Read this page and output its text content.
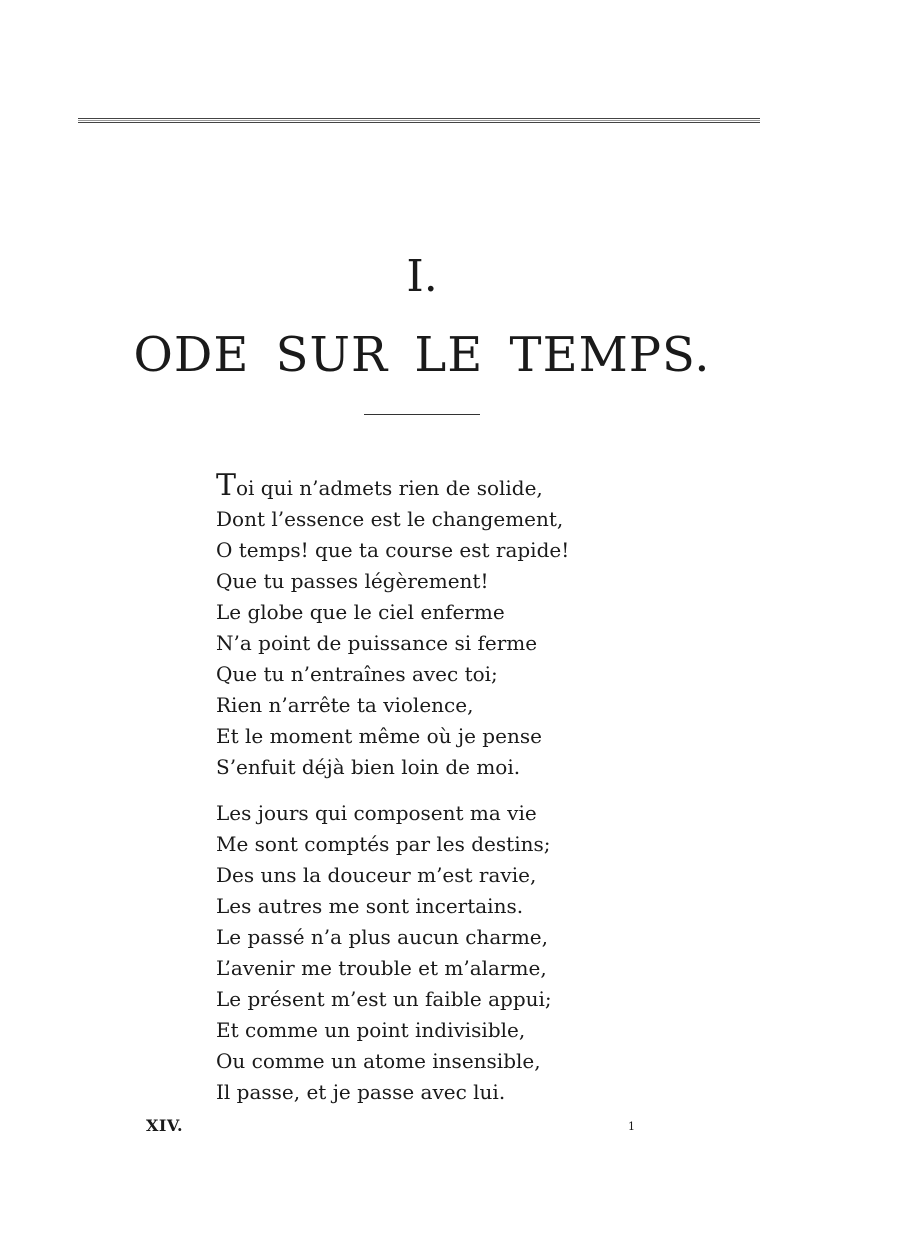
I.
ODE SUR LE TEMPS.
Toi qui n’admets rien de solide,
Dont l’essence est le changement,
O temps! que ta course est rapide!
Que tu passes légèrement!
Le globe que le ciel enferme
N’a point de puissance si ferme
Que tu n’entraînes avec toi;
Rien n’arrête ta violence,
Et le moment même où je pense
S’enfuit déjà bien loin de moi.
Les jours qui composent ma vie
Me sont comptés par les destins;
Des uns la douceur m’est ravie,
Les autres me sont incertains.
Le passé n’a plus aucun charme,
L’avenir me trouble et m’alarme,
Le présent m’est un faible appui;
Et comme un point indivisible,
Ou comme un atome insensible,
Il passe, et je passe avec lui.
XIV.	1
